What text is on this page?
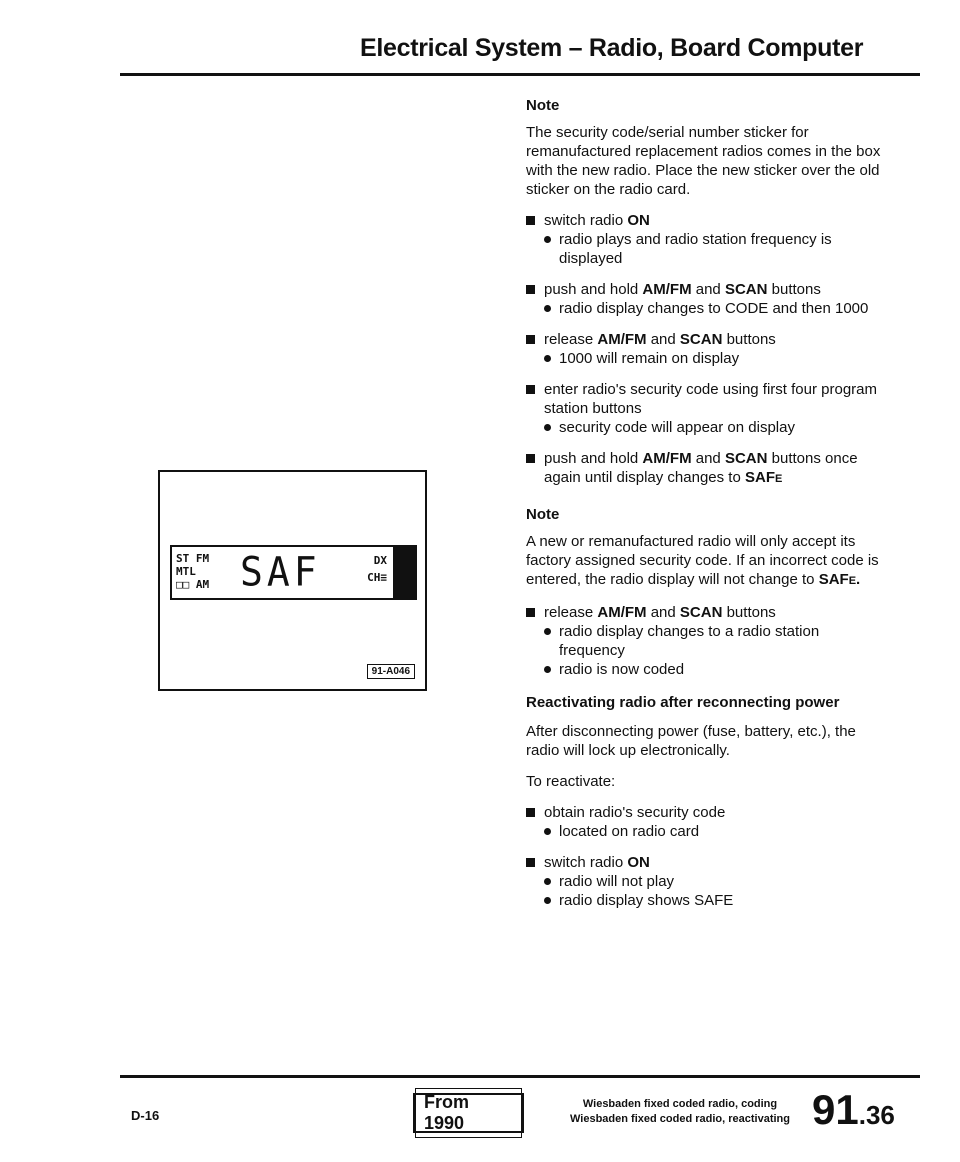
Electrical System – Radio, Board Computer
Note
The security code/serial number sticker for remanufactured replacement radios comes in the box with the new radio. Place the new sticker over the old sticker on the radio card.
switch radio ON
radio plays and radio station frequency is displayed
push and hold AM/FM and SCAN buttons
radio display changes to CODE and then 1000
release AM/FM and SCAN buttons
1000 will remain on display
enter radio's security code using first four program station buttons
security code will appear on display
push and hold AM/FM and SCAN buttons once again until display changes to SAFE
Note
A new or remanufactured radio will only accept its factory assigned security code. If an incorrect code is entered, the radio display will not change to SAFE.
release AM/FM and SCAN buttons
radio display changes to a radio station frequency
radio is now coded
Reactivating radio after reconnecting power
After disconnecting power (fuse, battery, etc.), the radio will lock up electronically.
To reactivate:
obtain radio's security code
located on radio card
switch radio ON
radio will not play
radio display shows SAFE
ST FM
MTL
□□ AM SAF	DX
CH≡
91-A046
D-16
From 1990
Wiesbaden fixed coded radio, coding
Wiesbaden fixed coded radio, reactivating 91.36
